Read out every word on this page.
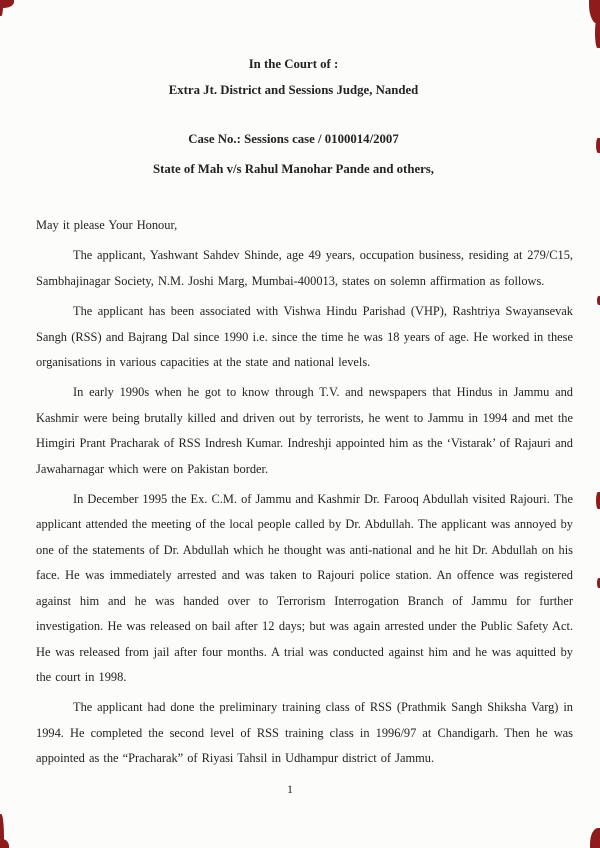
In the Court of :
Extra Jt. District and Sessions Judge, Nanded
Case No.: Sessions case / 0100014/2007
State of Mah v/s Rahul Manohar Pande and others,
May it please Your Honour,

The applicant, Yashwant Sahdev Shinde, age 49 years, occupation business, residing at 279/C15, Sambhajinagar Society, N.M. Joshi Marg, Mumbai-400013, states on solemn affirmation as follows.

The applicant has been associated with Vishwa Hindu Parishad (VHP), Rashtriya Swayansevak Sangh (RSS) and Bajrang Dal since 1990 i.e. since the time he was 18 years of age. He worked in these organisations in various capacities at the state and national levels.

In early 1990s when he got to know through T.V. and newspapers that Hindus in Jammu and Kashmir were being brutally killed and driven out by terrorists, he went to Jammu in 1994 and met the Himgiri Prant Pracharak of RSS Indresh Kumar. Indreshji appointed him as the ‘Vistarak’ of Rajauri and Jawaharnagar which were on Pakistan border.

In December 1995 the Ex. C.M. of Jammu and Kashmir Dr. Farooq Abdullah visited Rajouri. The applicant attended the meeting of the local people called by Dr. Abdullah. The applicant was annoyed by one of the statements of Dr. Abdullah which he thought was anti-national and he hit Dr. Abdullah on his face. He was immediately arrested and was taken to Rajouri police station. An offence was registered against him and he was handed over to Terrorism Interrogation Branch of Jammu for further investigation. He was released on bail after 12 days; but was again arrested under the Public Safety Act. He was released from jail after four months. A trial was conducted against him and he was aquitted by the court in 1998.

The applicant had done the preliminary training class of RSS (Prathmik Sangh Shiksha Varg) in 1994. He completed the second level of RSS training class in 1996/97 at Chandigarh. Then he was appointed as the “Pracharak” of Riyasi Tahsil in Udhampur district of Jammu.

1
